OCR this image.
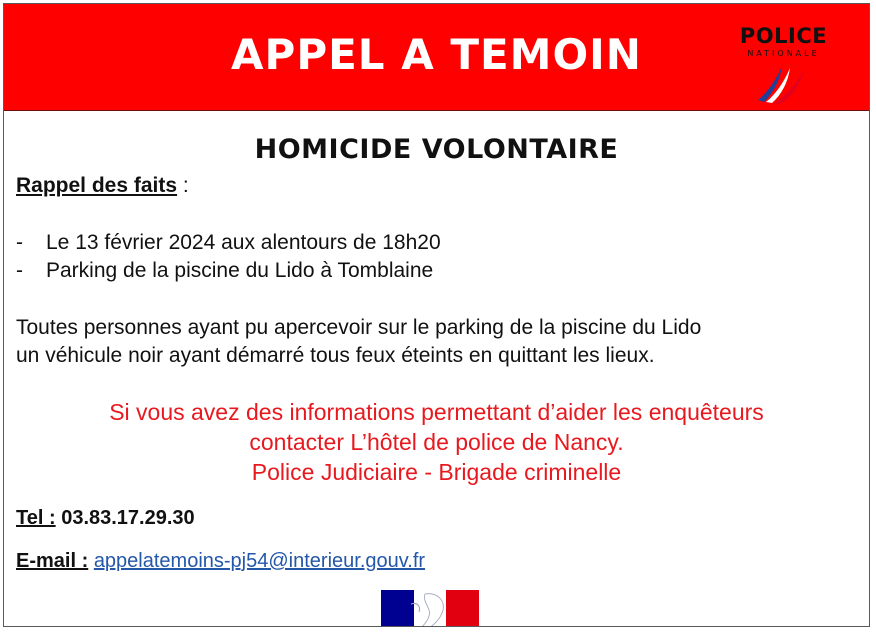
APPEL A TEMOIN	POLICE
NATIONALE
HOMICIDE VOLONTAIRE
Rappel des faits :
- Le 13 février 2024 aux alentours de 18h20
- Parking de la piscine du Lido à Tomblaine
Toutes personnes ayant pu apercevoir sur le parking de la piscine du Lido
un véhicule noir ayant démarré tous feux éteints en quittant les lieux.
Si vous avez des informations permettant d’aider les enquêteurs
contacter L’hôtel de police de Nancy.
Police Judiciaire - Brigade criminelle
Tel : 03.83.17.29.30
E-mail : appelatemoins-pj54@interieur.gouv.fr
